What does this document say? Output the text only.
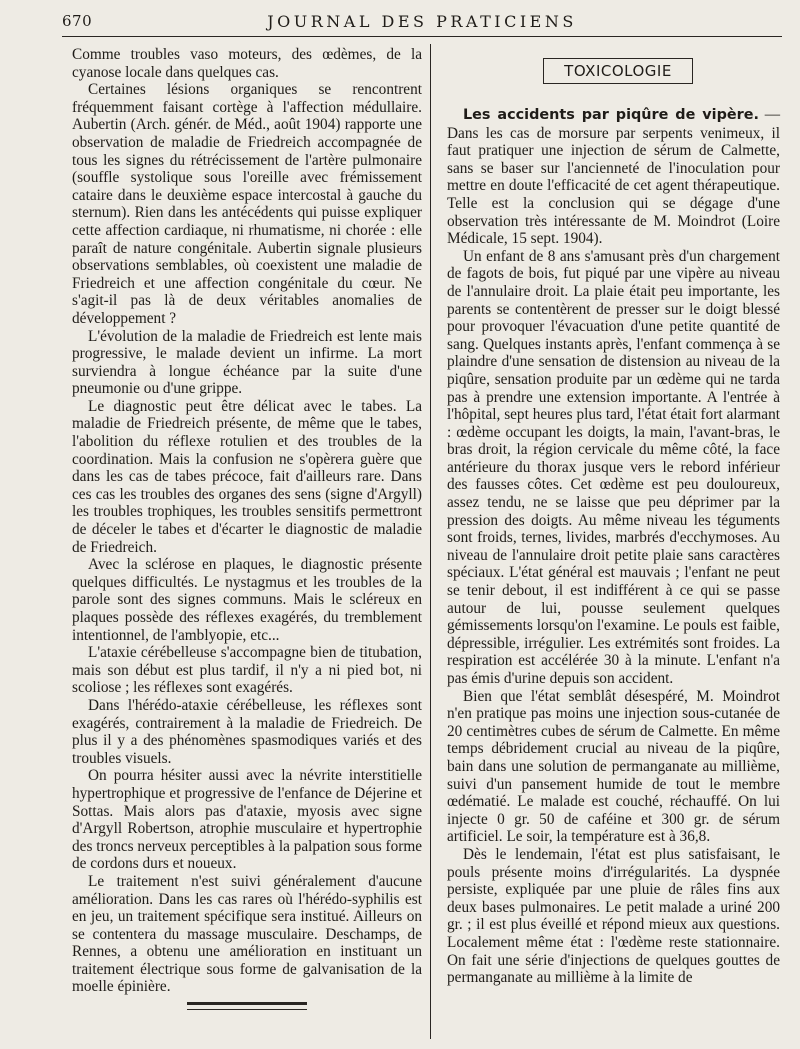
670	JOURNAL DES PRATICIENS

Comme troubles vaso moteurs, des œdèmes, de la cyanose locale dans quelques cas.

Certaines lésions organiques se rencontrent fréquemment faisant cortège à l'affection médullaire. Aubertin (Arch. génér. de Méd., août 1904) rapporte une observation de maladie de Friedreich accompagnée de tous les signes du rétrécissement de l'artère pulmonaire (souffle systolique sous l'oreille avec frémissement cataire dans le deuxième espace intercostal à gauche du sternum). Rien dans les antécédents qui puisse expliquer cette affection cardiaque, ni rhumatisme, ni chorée : elle paraît de nature congénitale. Aubertin signale plusieurs observations semblables, où coexistent une maladie de Friedreich et une affection congénitale du cœur. Ne s'agit-il pas là de deux véritables anomalies de développement ?

L'évolution de la maladie de Friedreich est lente mais progressive, le malade devient un infirme. La mort surviendra à longue échéance par la suite d'une pneumonie ou d'une grippe.

Le diagnostic peut être délicat avec le tabes. La maladie de Friedreich présente, de même que le tabes, l'abolition du réflexe rotulien et des troubles de la coordination. Mais la confusion ne s'opèrera guère que dans les cas de tabes précoce, fait d'ailleurs rare. Dans ces cas les troubles des organes des sens (signe d'Argyll) les troubles trophiques, les troubles sensitifs permettront de déceler le tabes et d'écarter le diagnostic de maladie de Friedreich.

Avec la sclérose en plaques, le diagnostic présente quelques difficultés. Le nystagmus et les troubles de la parole sont des signes communs. Mais le scléreux en plaques possède des réflexes exagérés, du tremblement intentionnel, de l'amblyopie, etc...

L'ataxie cérébelleuse s'accompagne bien de titubation, mais son début est plus tardif, il n'y a ni pied bot, ni scoliose ; les réflexes sont exagérés.

Dans l'hérédo-ataxie cérébelleuse, les réflexes sont exagérés, contrairement à la maladie de Friedreich. De plus il y a des phénomènes spasmodiques variés et des troubles visuels.

On pourra hésiter aussi avec la névrite interstitielle hypertrophique et progressive de l'enfance de Déjerine et Sottas. Mais alors pas d'ataxie, myosis avec signe d'Argyll Robertson, atrophie musculaire et hypertrophie des troncs nerveux perceptibles à la palpation sous forme de cordons durs et noueux.

Le traitement n'est suivi généralement d'aucune amélioration. Dans les cas rares où l'hérédo-syphilis est en jeu, un traitement spécifique sera institué. Ailleurs on se contentera du massage musculaire. Deschamps, de Rennes, a obtenu une amélioration en instituant un traitement électrique sous forme de galvanisation de la moelle épinière.

TOXICOLOGIE

Les accidents par piqûre de vipère. — Dans les cas de morsure par serpents venimeux, il faut pratiquer une injection de sérum de Calmette, sans se baser sur l'ancienneté de l'inoculation pour mettre en doute l'efficacité de cet agent thérapeutique. Telle est la conclusion qui se dégage d'une observation très intéressante de M. Moindrot (Loire Médicale, 15 sept. 1904).

Un enfant de 8 ans s'amusant près d'un chargement de fagots de bois, fut piqué par une vipère au niveau de l'annulaire droit. La plaie était peu importante, les parents se contentèrent de presser sur le doigt blessé pour provoquer l'évacuation d'une petite quantité de sang. Quelques instants après, l'enfant commença à se plaindre d'une sensation de distension au niveau de la piqûre, sensation produite par un œdème qui ne tarda pas à prendre une extension importante. A l'entrée à l'hôpital, sept heures plus tard, l'état était fort alarmant : œdème occupant les doigts, la main, l'avant-bras, le bras droit, la région cervicale du même côté, la face antérieure du thorax jusque vers le rebord inférieur des fausses côtes. Cet œdème est peu douloureux, assez tendu, ne se laisse que peu déprimer par la pression des doigts. Au même niveau les téguments sont froids, ternes, livides, marbrés d'ecchymoses. Au niveau de l'annulaire droit petite plaie sans caractères spéciaux. L'état général est mauvais ; l'enfant ne peut se tenir debout, il est indifférent à ce qui se passe autour de lui, pousse seulement quelques gémissements lorsqu'on l'examine. Le pouls est faible, dépressible, irrégulier. Les extrémités sont froides. La respiration est accélérée 30 à la minute. L'enfant n'a pas émis d'urine depuis son accident.

Bien que l'état semblât désespéré, M. Moindrot n'en pratique pas moins une injection sous-cutanée de 20 centimètres cubes de sérum de Calmette. En même temps débridement crucial au niveau de la piqûre, bain dans une solution de permanganate au millième, suivi d'un pansement humide de tout le membre œdématié. Le malade est couché, réchauffé. On lui injecte 0 gr. 50 de caféine et 300 gr. de sérum artificiel. Le soir, la température est à 36,8.

Dès le lendemain, l'état est plus satisfaisant, le pouls présente moins d'irrégularités. La dyspnée persiste, expliquée par une pluie de râles fins aux deux bases pulmonaires. Le petit malade a uriné 200 gr. ; il est plus éveillé et répond mieux aux questions. Localement même état : l'œdème reste stationnaire. On fait une série d'injections de quelques gouttes de permanganate au millième à la limite de
